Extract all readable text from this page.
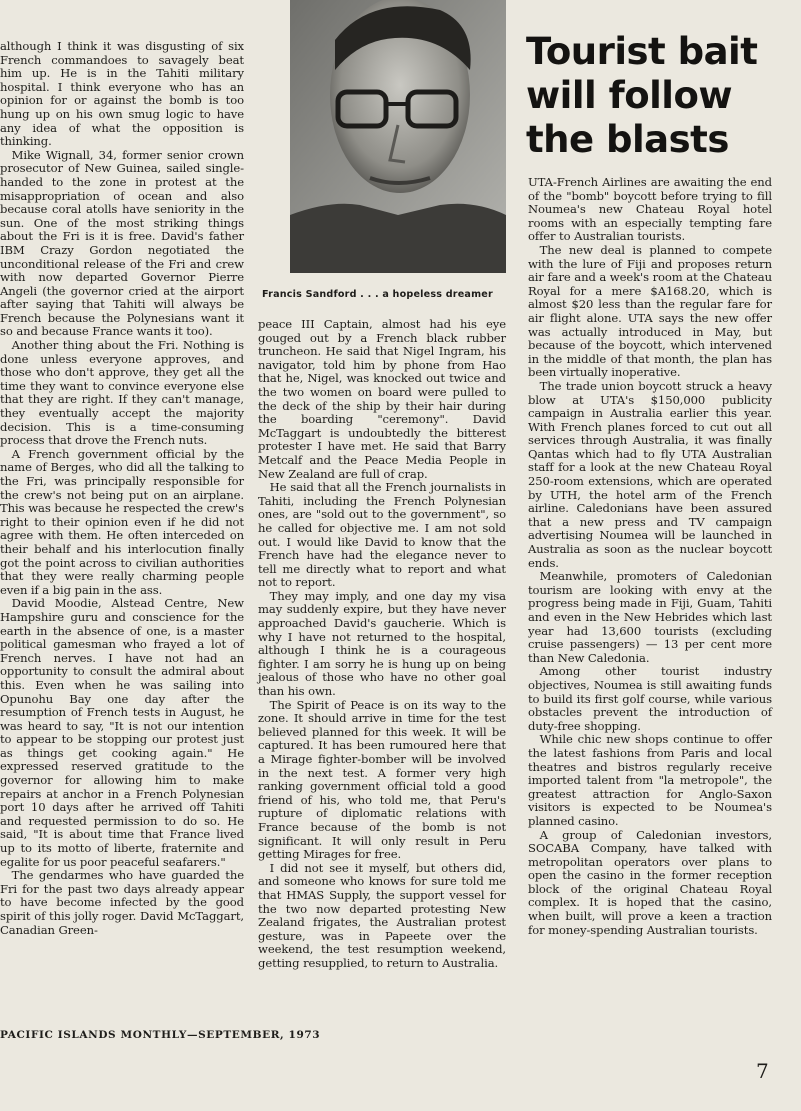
although I think it was disgusting of six French commandoes to savagely beat him up. He is in the Tahiti military hospital. I think everyone who has an opinion for or against the bomb is too hung up on his own smug logic to have any idea of what the opposition is thinking.

Mike Wignall, 34, former senior crown prosecutor of New Guinea, sailed single-handed to the zone in protest at the misappropriation of ocean and also because coral atolls have seniority in the sun. One of the most striking things about the Fri is it is free. David's father IBM Crazy Gordon negotiated the unconditional release of the Fri and crew with now departed Governor Pierre Angeli (the governor cried at the airport after saying that Tahiti will always be French because the Polynesians want it so and because France wants it too).

Another thing about the Fri. Nothing is done unless everyone approves, and those who don't approve, they get all the time they want to convince everyone else that they are right. If they can't manage, they eventually accept the majority decision. This is a time-consuming process that drove the French nuts.

A French government official by the name of Berges, who did all the talking to the Fri, was principally responsible for the crew's not being put on an airplane. This was because he respected the crew's right to their opinion even if he did not agree with them. He often interceded on their behalf and his interlocution finally got the point across to civilian authorities that they were really charming people even if a big pain in the ass.

David Moodie, Alstead Centre, New Hampshire guru and conscience for the earth in the absence of one, is a master political gamesman who frayed a lot of French nerves. I have not had an opportunity to consult the admiral about this. Even when he was sailing into Opunohu Bay one day after the resumption of French tests in August, he was heard to say, "It is not our intention to appear to be stopping our protest just as things get cooking again." He expressed reserved gratitude to the governor for allowing him to make repairs at anchor in a French Polynesian port 10 days after he arrived off Tahiti and requested permission to do so. He said, "It is about time that France lived up to its motto of liberte, fraternite and egalite for us poor peaceful seafarers."

The gendarmes who have guarded the Fri for the past two days already appear to have become infected by the good spirit of this jolly roger. David McTaggart, Canadian Green-

Francis Sandford . . . a hopeless dreamer

peace III Captain, almost had his eye gouged out by a French black rubber truncheon. He said that Nigel Ingram, his navigator, told him by phone from Hao that he, Nigel, was knocked out twice and the two women on board were pulled to the deck of the ship by their hair during the boarding "ceremony". David McTaggart is undoubtedly the bitterest protester I have met. He said that Barry Metcalf and the Peace Media People in New Zealand are full of crap.

He said that all the French journalists in Tahiti, including the French Polynesian ones, are "sold out to the government", so he called for objective me. I am not sold out. I would like David to know that the French have had the elegance never to tell me directly what to report and what not to report.

They may imply, and one day my visa may suddenly expire, but they have never approached David's gaucherie. Which is why I have not returned to the hospital, although I think he is a courageous fighter. I am sorry he is hung up on being jealous of those who have no other goal than his own.

The Spirit of Peace is on its way to the zone. It should arrive in time for the test believed planned for this week. It will be captured. It has been rumoured here that a Mirage fighter-bomber will be involved in the next test. A former very high ranking government official told a good friend of his, who told me, that Peru's rupture of diplomatic relations with France because of the bomb is not significant. It will only result in Peru getting Mirages for free.

I did not see it myself, but others did, and someone who knows for sure told me that HMAS Supply, the support vessel for the two now departed protesting New Zealand frigates, the Australian protest gesture, was in Papeete over the weekend, the test resumption weekend, getting resupplied, to return to Australia.

Tourist bait will follow the blasts

UTA-French Airlines are awaiting the end of the "bomb" boycott before trying to fill Noumea's new Chateau Royal hotel rooms with an especially tempting fare offer to Australian tourists.

The new deal is planned to compete with the lure of Fiji and proposes return air fare and a week's room at the Chateau Royal for a mere $A168.20, which is almost $20 less than the regular fare for air flight alone. UTA says the new offer was actually introduced in May, but because of the boycott, which intervened in the middle of that month, the plan has been virtually inoperative.

The trade union boycott struck a heavy blow at UTA's $150,000 publicity campaign in Australia earlier this year. With French planes forced to cut out all services through Australia, it was finally Qantas which had to fly UTA Australian staff for a look at the new Chateau Royal 250-room extensions, which are operated by UTH, the hotel arm of the French airline. Caledonians have been assured that a new press and TV campaign advertising Noumea will be launched in Australia as soon as the nuclear boycott ends.

Meanwhile, promoters of Caledonian tourism are looking with envy at the progress being made in Fiji, Guam, Tahiti and even in the New Hebrides which last year had 13,600 tourists (excluding cruise passengers) — 13 per cent more than New Caledonia.

Among other tourist industry objectives, Noumea is still awaiting funds to build its first golf course, while various obstacles prevent the introduction of duty-free shopping.

While chic new shops continue to offer the latest fashions from Paris and local theatres and bistros regularly receive imported talent from "la metropole", the greatest attraction for Anglo-Saxon visitors is expected to be Noumea's planned casino.

A group of Caledonian investors, SOCABA Company, have talked with metropolitan operators over plans to open the casino in the former reception block of the original Chateau Royal complex. It is hoped that the casino, when built, will prove a keen a traction for money-spending Australian tourists.

PACIFIC ISLANDS MONTHLY—SEPTEMBER, 1973
7
